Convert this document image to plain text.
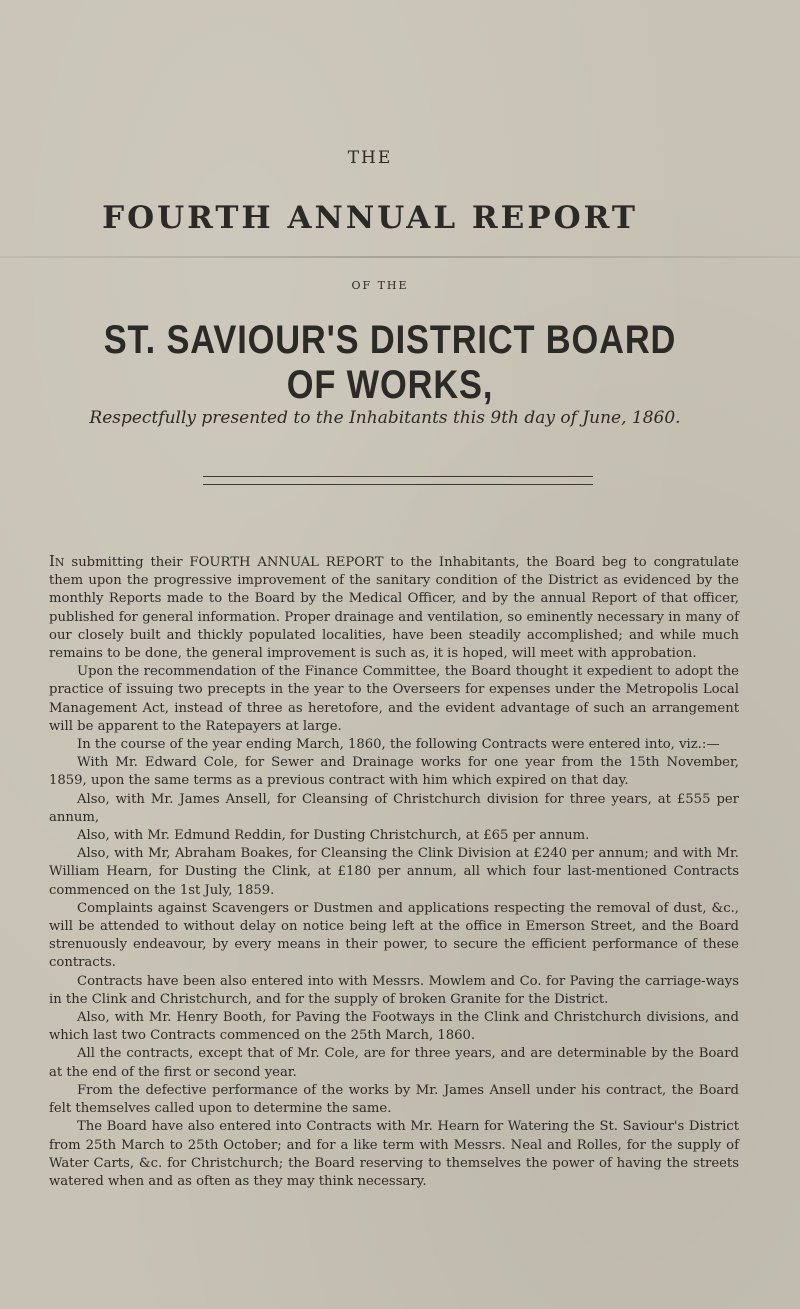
THE
FOURTH ANNUAL REPORT
OF THE
ST. SAVIOUR'S DISTRICT BOARD OF WORKS,
Respectfully presented to the Inhabitants this 9th day of June, 1860.

In submitting their FOURTH ANNUAL REPORT to the Inhabitants, the Board beg to congratulate them upon the progressive improvement of the sanitary condition of the District as evidenced by the monthly Reports made to the Board by the Medical Officer, and by the annual Report of that officer, published for general information. Proper drainage and ventilation, so eminently necessary in many of our closely built and thickly populated localities, have been steadily accomplished; and while much remains to be done, the general improvement is such as, it is hoped, will meet with approbation.

Upon the recommendation of the Finance Committee, the Board thought it expedient to adopt the practice of issuing two precepts in the year to the Overseers for expenses under the Metropolis Local Management Act, instead of three as heretofore, and the evident advantage of such an arrangement will be apparent to the Ratepayers at large.

In the course of the year ending March, 1860, the following Contracts were entered into, viz.:—

With Mr. Edward Cole, for Sewer and Drainage works for one year from the 15th November, 1859, upon the same terms as a previous contract with him which expired on that day.

Also, with Mr. James Ansell, for Cleansing of Christchurch division for three years, at £555 per annum,

Also, with Mr. Edmund Reddin, for Dusting Christchurch, at £65 per annum.

Also, with Mr, Abraham Boakes, for Cleansing the Clink Division at £240 per annum; and with Mr. William Hearn, for Dusting the Clink, at £180 per annum, all which four last-mentioned Contracts commenced on the 1st July, 1859.

Complaints against Scavengers or Dustmen and applications respecting the removal of dust, &c., will be attended to without delay on notice being left at the office in Emerson Street, and the Board strenuously endeavour, by every means in their power, to secure the efficient performance of these contracts.

Contracts have been also entered into with Messrs. Mowlem and Co. for Paving the carriage-ways in the Clink and Christchurch, and for the supply of broken Granite for the District.

Also, with Mr. Henry Booth, for Paving the Footways in the Clink and Christchurch divisions, and which last two Contracts commenced on the 25th March, 1860.

All the contracts, except that of Mr. Cole, are for three years, and are determinable by the Board at the end of the first or second year.

From the defective performance of the works by Mr. James Ansell under his contract, the Board felt themselves called upon to determine the same.

The Board have also entered into Contracts with Mr. Hearn for Watering the St. Saviour's District from 25th March to 25th October; and for a like term with Messrs. Neal and Rolles, for the supply of Water Carts, &c. for Christchurch; the Board reserving to themselves the power of having the streets watered when and as often as they may think necessary.
